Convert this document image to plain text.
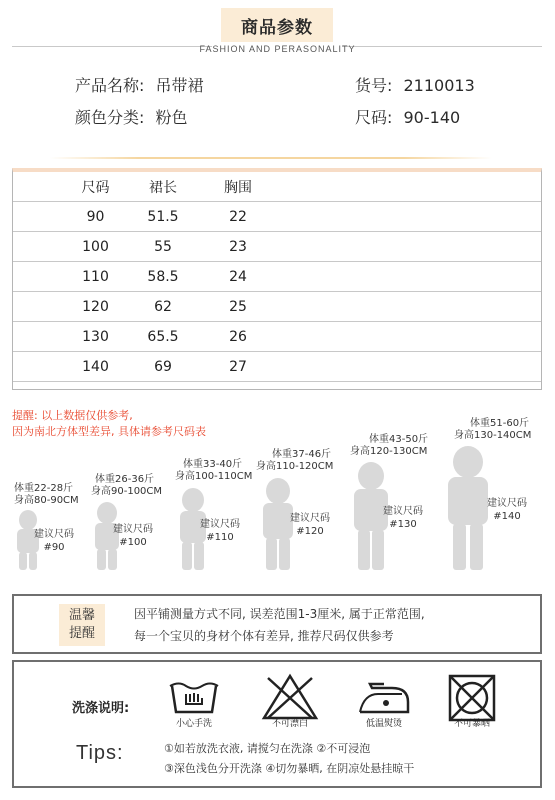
商品参数
FASHION AND PERASONALITY
产品名称: 吊带裙	货号: 2110013
颜色分类: 粉色	尺码: 90-140
尺码	裙长	胸围
90	51.5	22
100	55	23
110	58.5	24
120	62	25
130	65.5	26
140	69	27
提醒: 以上数据仅供参考,
因为南北方体型差异, 具体请参考尺码表
体重22-28斤
身高80-90CM
建议尺码
#90
体重26-36斤
身高90-100CM
建议尺码
#100
体重33-40斤
身高100-110CM
建议尺码
#110
体重37-46斤
身高110-120CM
建议尺码
#120
体重43-50斤
身高120-130CM
建议尺码
#130
体重51-60斤
身高130-140CM
建议尺码
#140
温馨
提醒
因平铺测量方式不同, 误差范围1-3厘米, 属于正常范围,
每一个宝贝的身材个体有差异, 推荐尺码仅供参考
洗涤说明:
小心手洗	不可漂白	低温熨烫	不可暴晒
Tips:	①如若放洗衣液, 请搅匀在洗涤 ②不可浸泡
③深色浅色分开洗涤 ④切勿暴晒, 在阴凉处悬挂晾干
